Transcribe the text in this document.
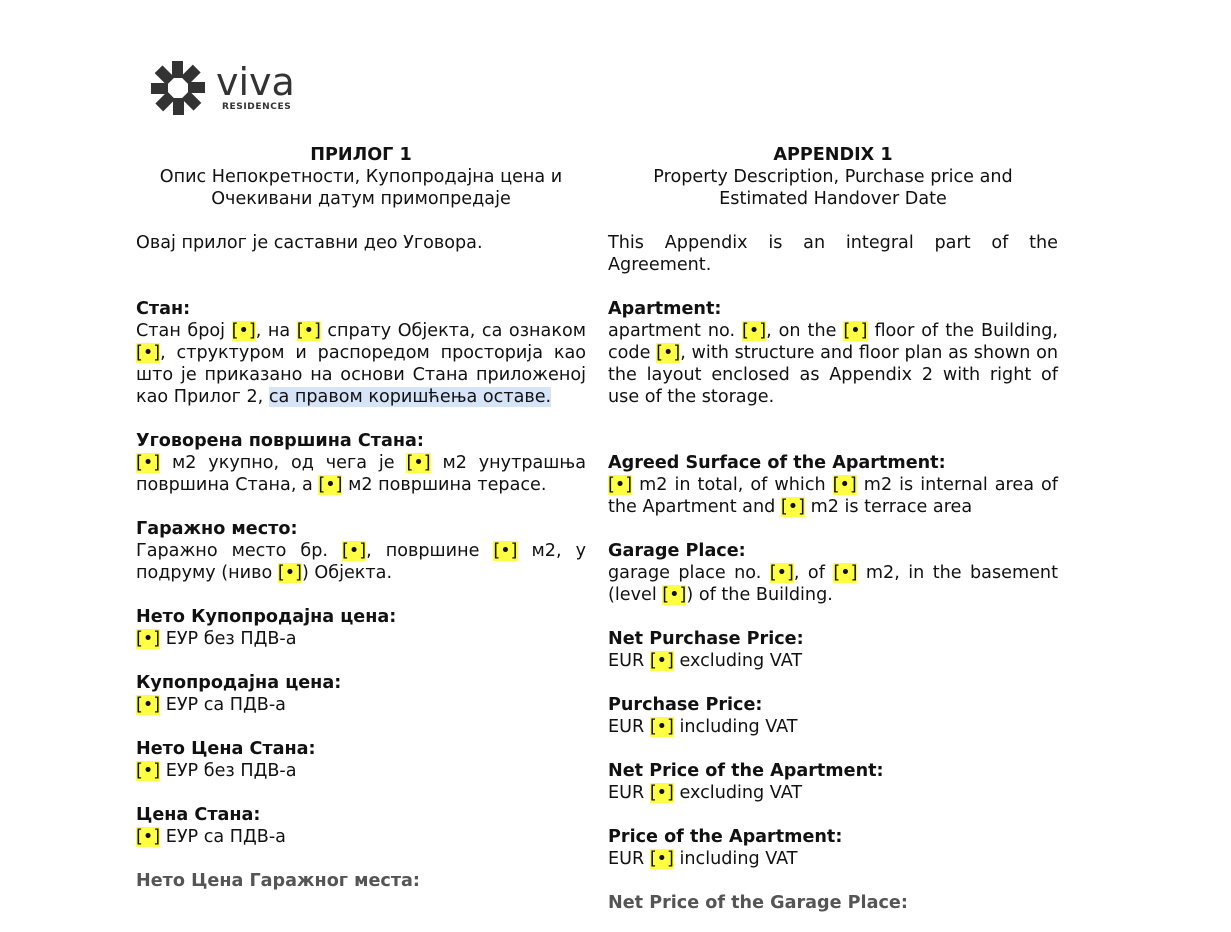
viva
RESIDENCES

ПРИЛОГ 1

Опис Непокретности, Купопродајна цена и

Очекивани датум примопредаје

Овај прилог је саставни део Уговора.

Стан:

Стан број [•], на [•] спрату Објекта, са ознаком [•], структуром и распоредом просторија као што је приказано на основи Стана приложеној као Прилог 2, са правом коришћења оставе.

Уговорена површина Стана:

[•] м2 укупно, од чега је [•] м2 унутрашња површина Стана, а [•] м2 површина терасе.

Гаражно место:

Гаражно место бр. [•], површине [•] м2, у подруму (ниво [•]) Објекта.

Нето Купопродајна цена:

[•] ЕУР без ПДВ-а

Купопродајна цена:

[•] ЕУР са ПДВ-а

Нето Цена Стана:

[•] ЕУР без ПДВ-а

Цена Стана:

[•] ЕУР са ПДВ-а

Нето Цена Гаражног места:

APPENDIX 1

Property Description, Purchase price and

Estimated Handover Date

This Appendix is an integral part of the Agreement.

Apartment:

apartment no. [•], on the [•] floor of the Building, code [•], with structure and floor plan as shown on the layout enclosed as Appendix 2 with right of use of the storage.

Agreed Surface of the Apartment:

[•] m2 in total, of which [•] m2 is internal area of the Apartment and [•] m2 is terrace area

Garage Place:

garage place no. [•], of [•] m2, in the basement (level [•]) of the Building.

Net Purchase Price:

EUR [•] excluding VAT

Purchase Price:

EUR [•] including VAT

Net Price of the Apartment:

EUR [•] excluding VAT

Price of the Apartment:

EUR [•] including VAT

Net Price of the Garage Place:
